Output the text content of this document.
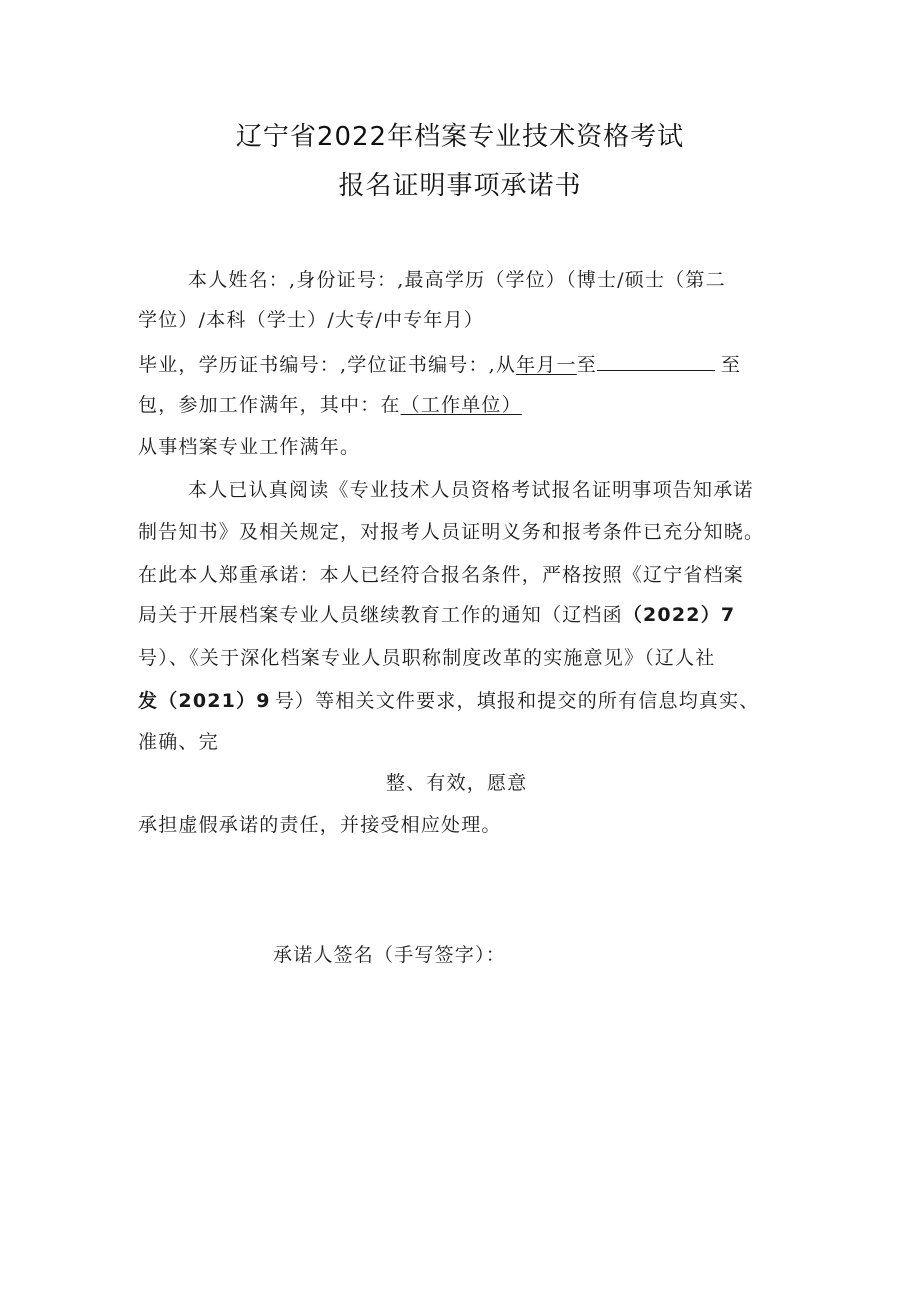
辽宁省2022年档案专业技术资格考试
报名证明事项承诺书
本人姓名：,身份证号：,最高学历（学位）（博士/硕士（第二
学位）/本科（学士）/大专/中专年月）
毕业，学历证书编号：,学位证书编号：,从年月一至	至
包，参加工作满年，其中：在（工作单位）
从事档案专业工作满年。
本人已认真阅读《专业技术人员资格考试报名证明事项告知承诺
制告知书》及相关规定，对报考人员证明义务和报考条件已充分知晓。
在此本人郑重承诺：本人已经符合报名条件，严格按照《辽宁省档案
局关于开展档案专业人员继续教育工作的通知（辽档函（2022）7
号）、《关于深化档案专业人员职称制度改革的实施意见》（辽人社
发（2021）9 号）等相关文件要求，填报和提交的所有信息均真实、
准确、完
整、有效，愿意
承担虚假承诺的责任，并接受相应处理。
承诺人签名（手写签字）：
